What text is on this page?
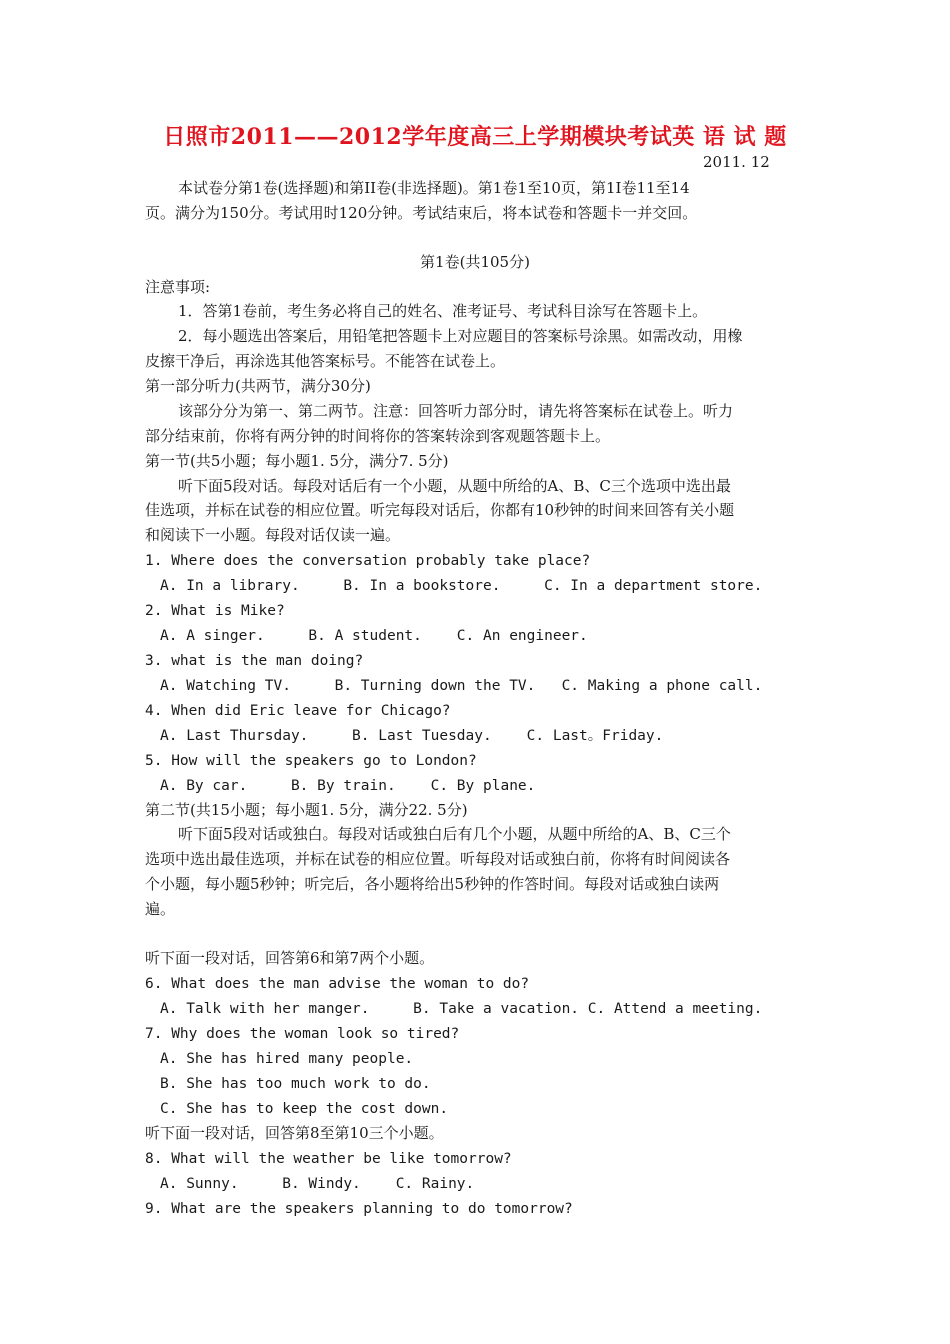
日照市2011——2012学年度高三上学期模块考试英 语 试 题
2011. 12
本试卷分第1卷(选择题)和第II卷(非选择题)。第1卷1至10页，第1I卷11至14
页。满分为150分。考试用时120分钟。考试结束后，将本试卷和答题卡一并交回。
第1卷(共105分)
注意事项:
1．答第1卷前，考生务必将自己的姓名、准考证号、考试科目涂写在答题卡上。
2．每小题选出答案后，用铅笔把答题卡上对应题目的答案标号涂黑。如需改动，用橡
皮擦干净后，再涂选其他答案标号。不能答在试卷上。
第一部分听力(共两节，满分30分)
该部分分为第一、第二两节。注意：回答听力部分时，请先将答案标在试卷上。听力
部分结束前，你将有两分钟的时间将你的答案转涂到客观题答题卡上。
第一节(共5小题；每小题1. 5分，满分7. 5分)
听下面5段对话。每段对话后有一个小题，从题中所给的A、B、C三个选项中选出最
佳选项，并标在试卷的相应位置。听完每段对话后，你都有10秒钟的时间来回答有关小题
和阅读下一小题。每段对话仅读一遍。
1. Where does the conversation probably take place?
A. In a library.     B. In a bookstore.     C. In a department store.
2. What is Mike?
A. A singer.     B. A student.    C. An engineer.
3. what is the man doing?
A. Watching TV.     B. Turning down the TV.   C. Making a phone call.
4. When did Eric leave for Chicago?
A. Last Thursday.     B. Last Tuesday.    C. Last。Friday.
5. How will the speakers go to London?
A. By car.     B. By train.    C. By plane.
第二节(共15小题；每小题1. 5分，满分22. 5分)
听下面5段对话或独白。每段对话或独白后有几个小题，从题中所给的A、B、C三个
选项中选出最佳选项，并标在试卷的相应位置。听每段对话或独白前，你将有时间阅读各
个小题，每小题5秒钟；听完后，各小题将给出5秒钟的作答时间。每段对话或独白读两
遍。
听下面一段对话，回答第6和第7两个小题。
6. What does the man advise the woman to do?
A. Talk with her manger.     B. Take a vacation. C. Attend a meeting.
7. Why does the woman look so tired?
A. She has hired many people.
B. She has too much work to do.
C. She has to keep the cost down.
听下面一段对话，回答第8至第10三个小题。
8. What will the weather be like tomorrow?
A. Sunny.     B. Windy.    C. Rainy.
9. What are the speakers planning to do tomorrow?
